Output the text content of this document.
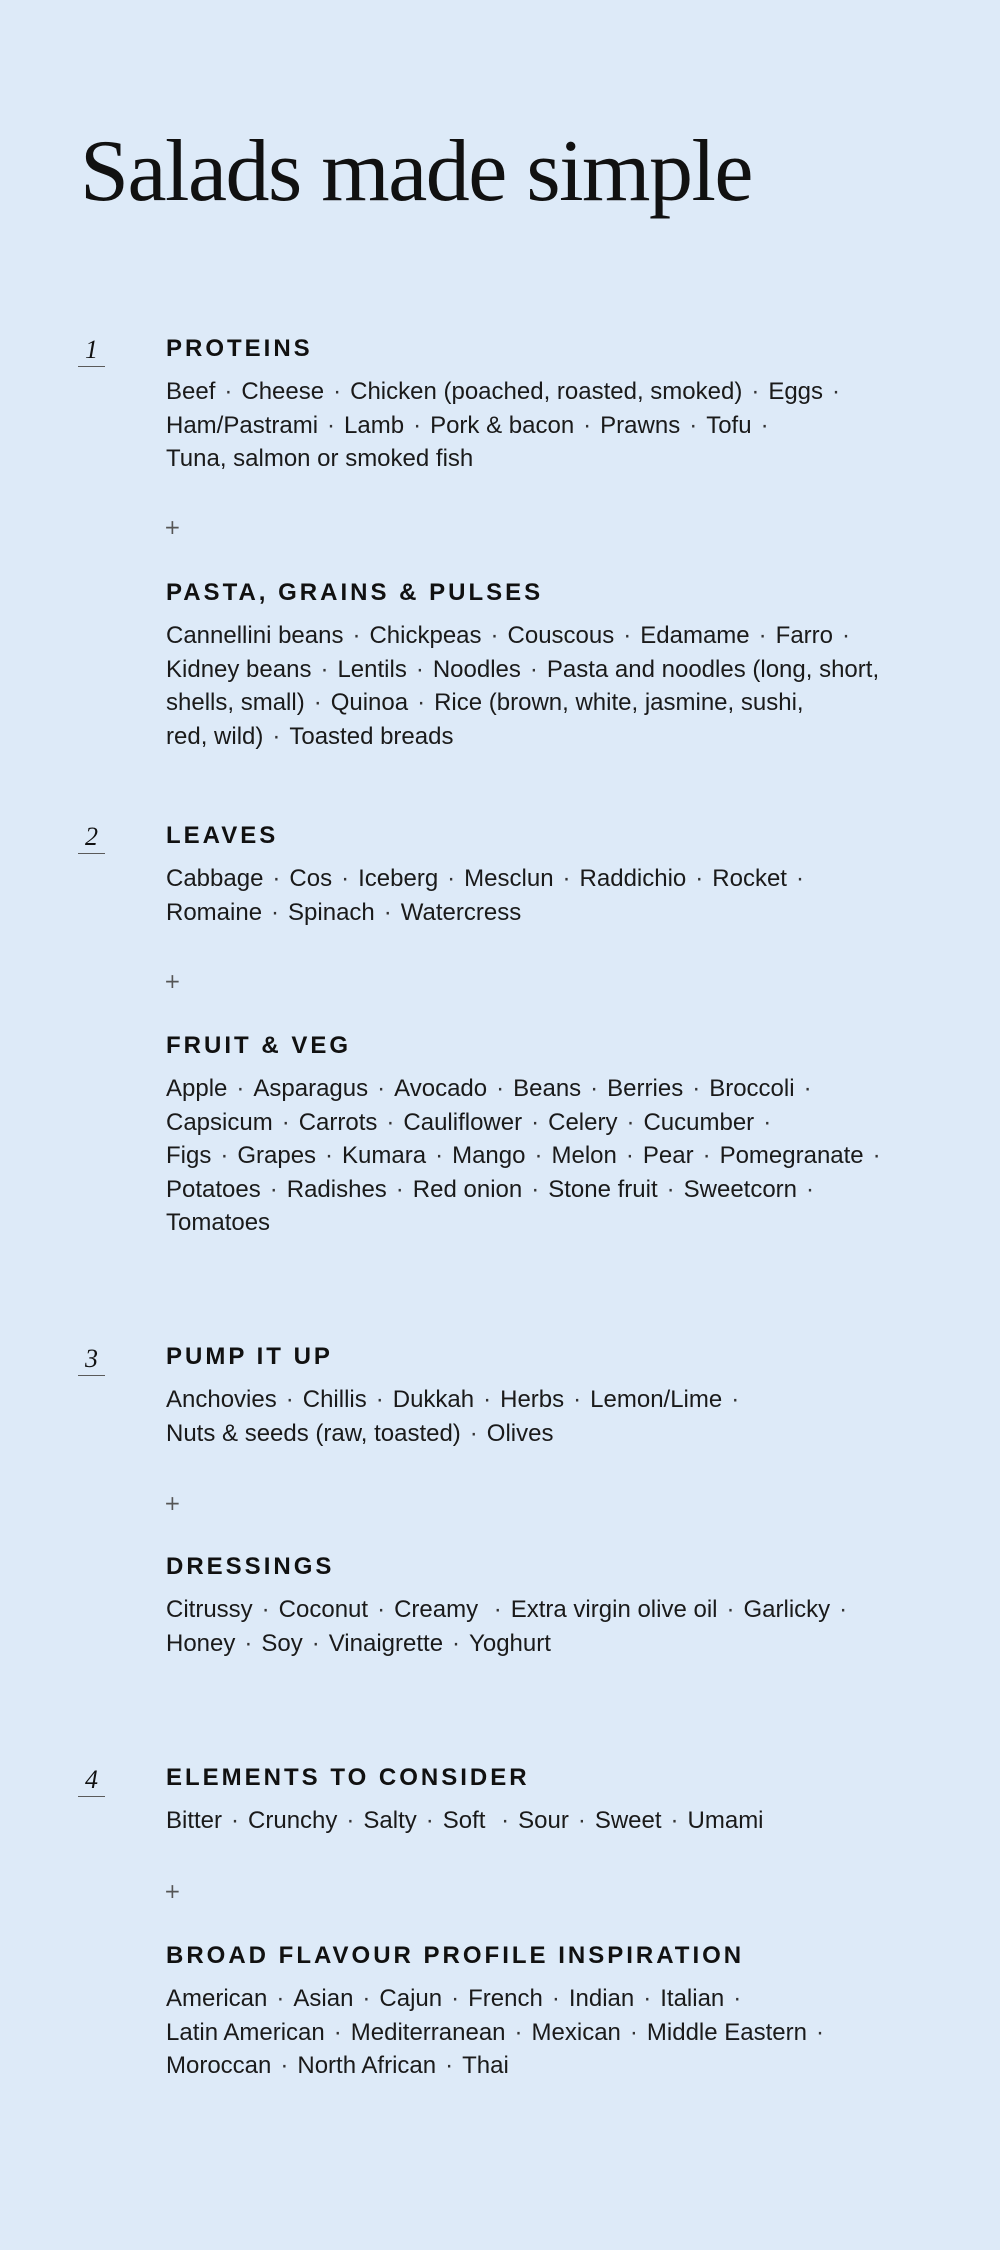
Salads made simple
1	PROTEINS
Beef · Cheese · Chicken (poached, roasted, smoked) · Eggs ·
Ham/Pastrami · Lamb · Pork & bacon · Prawns · Tofu ·
Tuna, salmon or smoked fish
+
PASTA, GRAINS & PULSES
Cannellini beans · Chickpeas · Couscous · Edamame · Farro ·
Kidney beans · Lentils · Noodles · Pasta and noodles (long, short,
shells, small) · Quinoa · Rice (brown, white, jasmine, sushi,
red, wild) · Toasted breads
2	LEAVES
Cabbage · Cos · Iceberg · Mesclun · Raddichio · Rocket ·
Romaine · Spinach · Watercress
+
FRUIT & VEG
Apple · Asparagus · Avocado · Beans · Berries · Broccoli ·
Capsicum · Carrots · Cauliflower · Celery · Cucumber ·
Figs · Grapes · Kumara · Mango · Melon · Pear · Pomegranate ·
Potatoes · Radishes · Red onion · Stone fruit · Sweetcorn ·
Tomatoes
3	PUMP IT UP
Anchovies · Chillis · Dukkah · Herbs · Lemon/Lime ·
Nuts & seeds (raw, toasted) · Olives
+
DRESSINGS
Citrussy · Coconut · Creamy · Extra virgin olive oil · Garlicky ·
Honey · Soy · Vinaigrette · Yoghurt
4	ELEMENTS TO CONSIDER
Bitter · Crunchy · Salty · Soft · Sour · Sweet · Umami
+
BROAD FLAVOUR PROFILE INSPIRATION
American · Asian · Cajun · French · Indian · Italian ·
Latin American · Mediterranean · Mexican · Middle Eastern ·
Moroccan · North African · Thai
